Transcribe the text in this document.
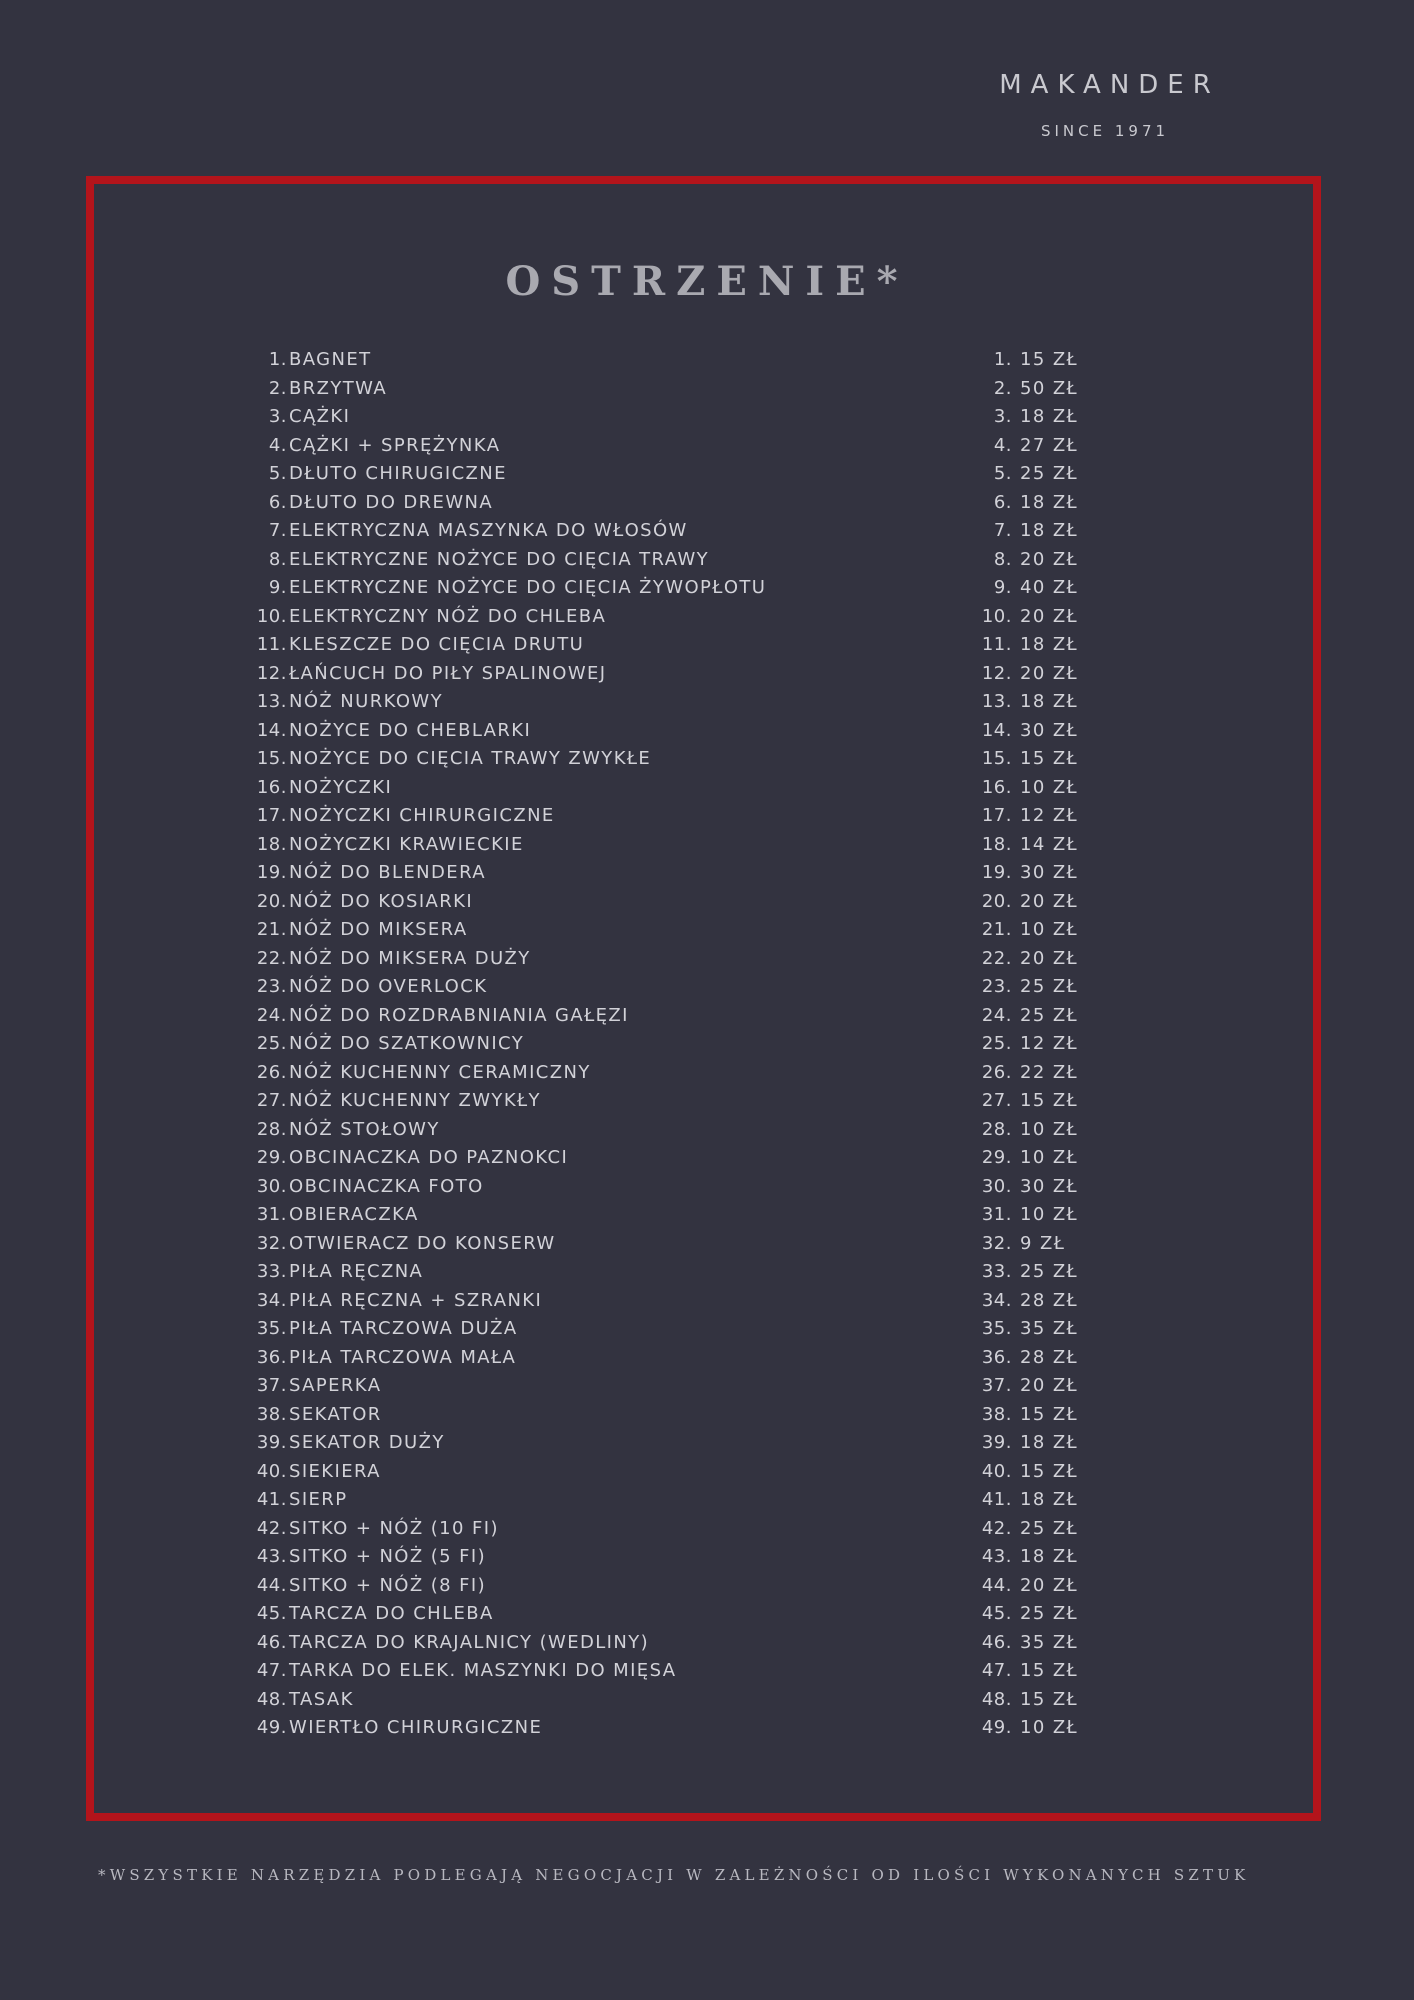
MAKANDER
SINCE 1971
OSTRZENIE*
1. BAGNET	1. 15 ZŁ
2. BRZYTWA	2. 50 ZŁ
3. CĄŻKI	3. 18 ZŁ
4. CĄŻKI + SPRĘŻYNKA	4. 27 ZŁ
5. DŁUTO CHIRUGICZNE	5. 25 ZŁ
6. DŁUTO DO DREWNA	6. 18 ZŁ
7. ELEKTRYCZNA MASZYNKA DO WŁOSÓW	7. 18 ZŁ
8. ELEKTRYCZNE NOŻYCE DO CIĘCIA TRAWY	8. 20 ZŁ
9. ELEKTRYCZNE NOŻYCE DO CIĘCIA ŻYWOPŁOTU	9. 40 ZŁ
10. ELEKTRYCZNY NÓŻ DO CHLEBA	10. 20 ZŁ
11. KLESZCZE DO CIĘCIA DRUTU	11. 18 ZŁ
12. ŁAŃCUCH DO PIŁY SPALINOWEJ	12. 20 ZŁ
13. NÓŻ NURKOWY	13. 18 ZŁ
14. NOŻYCE DO CHEBLARKI	14. 30 ZŁ
15. NOŻYCE DO CIĘCIA TRAWY ZWYKŁE	15. 15 ZŁ
16. NOŻYCZKI	16. 10 ZŁ
17. NOŻYCZKI CHIRURGICZNE	17. 12 ZŁ
18. NOŻYCZKI KRAWIECKIE	18. 14 ZŁ
19. NÓŻ DO BLENDERA	19. 30 ZŁ
20. NÓŻ DO KOSIARKI	20. 20 ZŁ
21. NÓŻ DO MIKSERA	21. 10 ZŁ
22. NÓŻ DO MIKSERA DUŻY	22. 20 ZŁ
23. NÓŻ DO OVERLOCK	23. 25 ZŁ
24. NÓŻ DO ROZDRABNIANIA GAŁĘZI	24. 25 ZŁ
25. NÓŻ DO SZATKOWNICY	25. 12 ZŁ
26. NÓŻ KUCHENNY CERAMICZNY	26. 22 ZŁ
27. NÓŻ KUCHENNY ZWYKŁY	27. 15 ZŁ
28. NÓŻ STOŁOWY	28. 10 ZŁ
29. OBCINACZKA DO PAZNOKCI	29. 10 ZŁ
30. OBCINACZKA FOTO	30. 30 ZŁ
31. OBIERACZKA	31. 10 ZŁ
32. OTWIERACZ DO KONSERW	32. 9 ZŁ
33. PIŁA RĘCZNA	33. 25 ZŁ
34. PIŁA RĘCZNA + SZRANKI	34. 28 ZŁ
35. PIŁA TARCZOWA DUŻA	35. 35 ZŁ
36. PIŁA TARCZOWA MAŁA	36. 28 ZŁ
37. SAPERKA	37. 20 ZŁ
38. SEKATOR	38. 15 ZŁ
39. SEKATOR DUŻY	39. 18 ZŁ
40. SIEKIERA	40. 15 ZŁ
41. SIERP	41. 18 ZŁ
42. SITKO + NÓŻ (10 FI)	42. 25 ZŁ
43. SITKO + NÓŻ (5 FI)	43. 18 ZŁ
44. SITKO + NÓŻ (8 FI)	44. 20 ZŁ
45. TARCZA DO CHLEBA	45. 25 ZŁ
46. TARCZA DO KRAJALNICY (WEDLINY)	46. 35 ZŁ
47. TARKA DO ELEK. MASZYNKI DO MIĘSA	47. 15 ZŁ
48. TASAK	48. 15 ZŁ
49. WIERTŁO CHIRURGICZNE	49. 10 ZŁ
*WSZYSTKIE NARZĘDZIA PODLEGAJĄ NEGOCJACJI W ZALEŻNOŚCI OD ILOŚCI WYKONANYCH SZTUK
